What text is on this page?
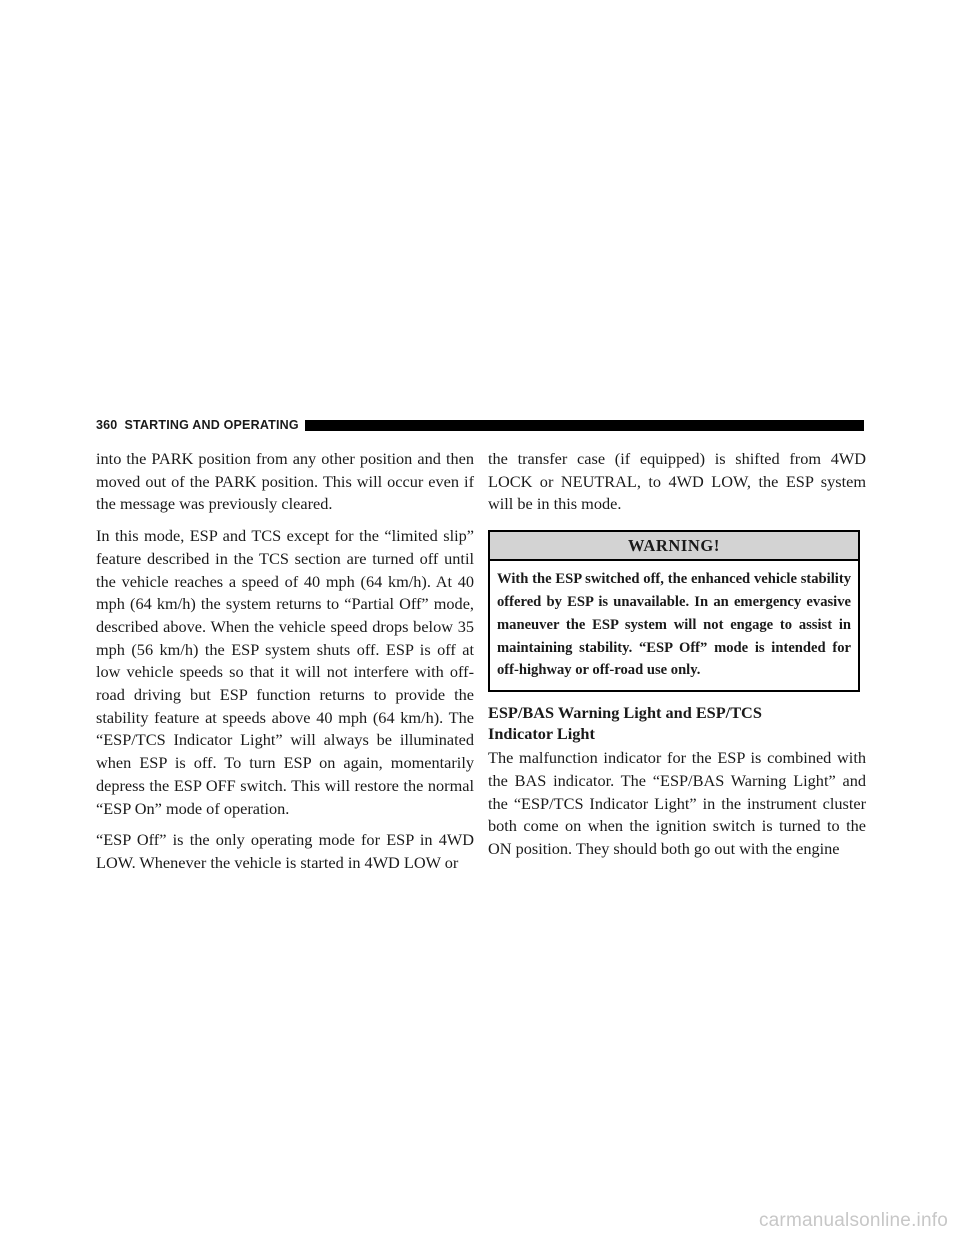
360 STARTING AND OPERATING

into the PARK position from any other position and then moved out of the PARK position. This will occur even if the message was previously cleared.

In this mode, ESP and TCS except for the “limited slip” feature described in the TCS section are turned off until the vehicle reaches a speed of 40 mph (64 km/h). At 40 mph (64 km/h) the system returns to “Partial Off” mode, described above. When the vehicle speed drops below 35 mph (56 km/h) the ESP system shuts off. ESP is off at low vehicle speeds so that it will not interfere with off-road driving but ESP function returns to provide the stability feature at speeds above 40 mph (64 km/h). The “ESP/TCS Indicator Light” will always be illuminated when ESP is off. To turn ESP on again, momentarily depress the ESP OFF switch. This will restore the normal “ESP On” mode of operation.

“ESP Off” is the only operating mode for ESP in 4WD LOW. Whenever the vehicle is started in 4WD LOW or

the transfer case (if equipped) is shifted from 4WD LOCK or NEUTRAL, to 4WD LOW, the ESP system will be in this mode.

WARNING!
With the ESP switched off, the enhanced vehicle stability offered by ESP is unavailable. In an emergency evasive maneuver the ESP system will not engage to assist in maintaining stability. “ESP Off” mode is intended for off-highway or off-road use only.
ESP/BAS Warning Light and ESP/TCS Indicator Light

The malfunction indicator for the ESP is combined with the BAS indicator. The “ESP/BAS Warning Light” and the “ESP/TCS Indicator Light” in the instrument cluster both come on when the ignition switch is turned to the ON position. They should both go out with the engine

carmanualsonline.info
